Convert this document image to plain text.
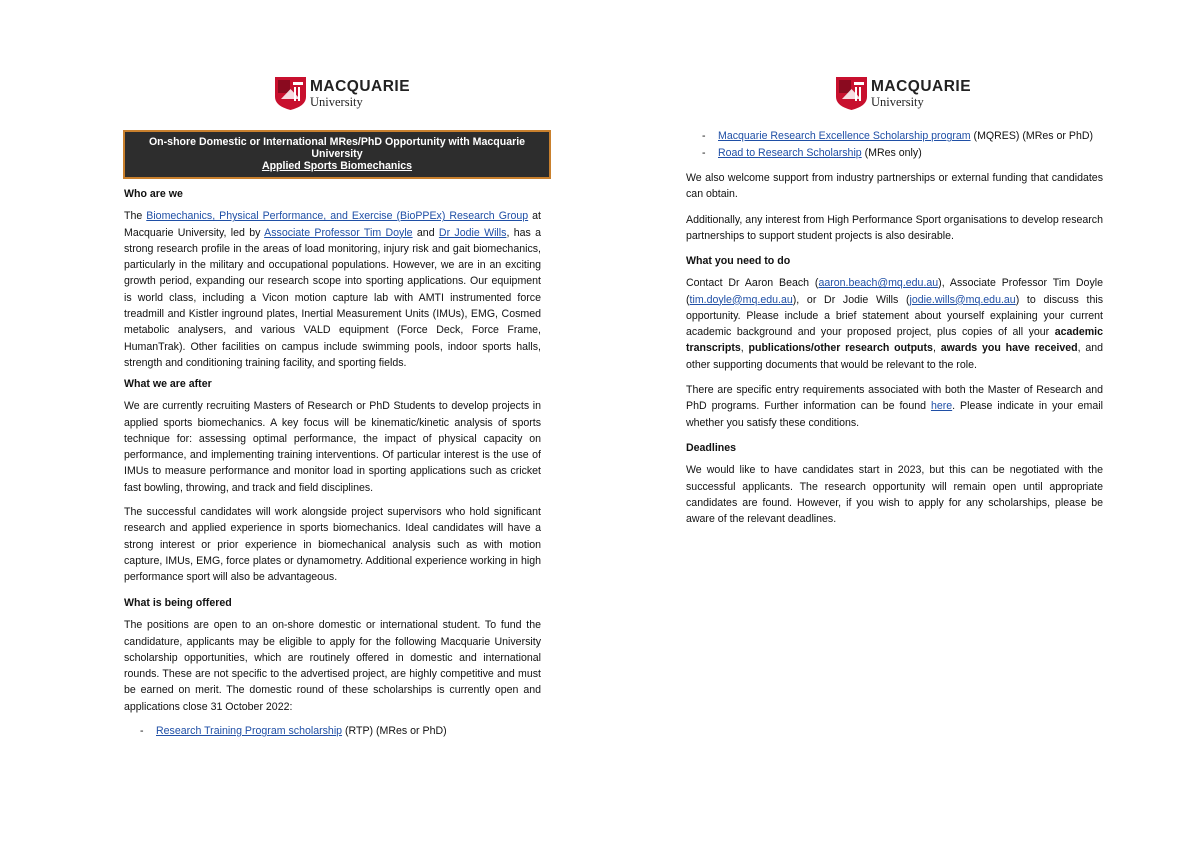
MACQUARIE
University
On-shore Domestic or International MRes/PhD Opportunity with Macquarie University
Applied Sports Biomechanics
Who are we

The Biomechanics, Physical Performance, and Exercise (BioPPEx) Research Group at Macquarie University, led by Associate Professor Tim Doyle and Dr Jodie Wills, has a strong research profile in the areas of load monitoring, injury risk and gait biomechanics, particularly in the military and occupational populations. However, we are in an exciting growth period, expanding our research scope into sporting applications. Our equipment is world class, including a Vicon motion capture lab with AMTI instrumented force treadmill and Kistler inground plates, Inertial Measurement Units (IMUs), EMG, Cosmed metabolic analysers, and various VALD equipment (Force Deck, Force Frame, HumanTrak). Other facilities on campus include swimming pools, indoor sports halls, strength and conditioning training facility, and sporting fields.

What we are after

We are currently recruiting Masters of Research or PhD Students to develop projects in applied sports biomechanics. A key focus will be kinematic/kinetic analysis of sports technique for: assessing optimal performance, the impact of physical capacity on performance, and implementing training interventions. Of particular interest is the use of IMUs to measure performance and monitor load in sporting applications such as cricket fast bowling, throwing, and track and field disciplines.

The successful candidates will work alongside project supervisors who hold significant research and applied experience in sports biomechanics. Ideal candidates will have a strong interest or prior experience in biomechanical analysis such as with motion capture, IMUs, EMG, force plates or dynamometry. Additional experience working in high performance sport will also be advantageous.

What is being offered

The positions are open to an on-shore domestic or international student. To fund the candidature, applicants may be eligible to apply for the following Macquarie University scholarship opportunities, which are routinely offered in domestic and international rounds. These are not specific to the advertised project, are highly competitive and must be earned on merit. The domestic round of these scholarships is currently open and applications close 31 October 2022:

- Research Training Program scholarship (RTP) (MRes or PhD)
MACQUARIE
University
- Macquarie Research Excellence Scholarship program (MQRES) (MRes or PhD)
- Road to Research Scholarship (MRes only)

We also welcome support from industry partnerships or external funding that candidates can obtain.

Additionally, any interest from High Performance Sport organisations to develop research partnerships to support student projects is also desirable.

What you need to do

Contact Dr Aaron Beach (aaron.beach@mq.edu.au), Associate Professor Tim Doyle (tim.doyle@mq.edu.au), or Dr Jodie Wills (jodie.wills@mq.edu.au) to discuss this opportunity. Please include a brief statement about yourself explaining your current academic background and your proposed project, plus copies of all your academic transcripts, publications/other research outputs, awards you have received, and other supporting documents that would be relevant to the role.

There are specific entry requirements associated with both the Master of Research and PhD programs. Further information can be found here. Please indicate in your email whether you satisfy these conditions.

Deadlines

We would like to have candidates start in 2023, but this can be negotiated with the successful applicants. The research opportunity will remain open until appropriate candidates are found. However, if you wish to apply for any scholarships, please be aware of the relevant deadlines.
